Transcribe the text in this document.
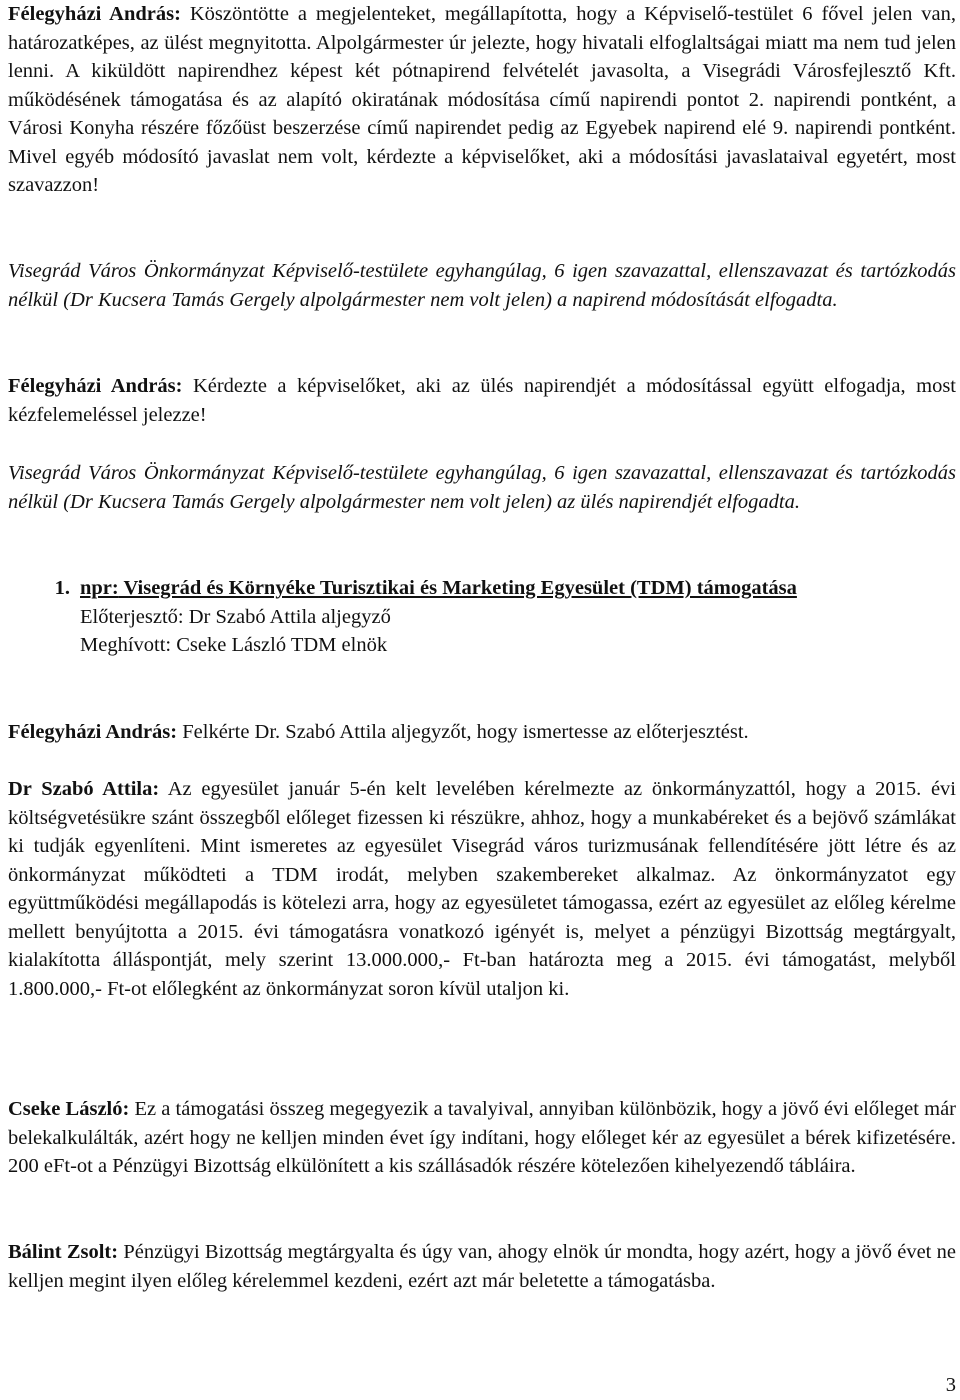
Félegyházi András: Köszöntötte a megjelenteket, megállapította, hogy a Képviselő-testület 6 fővel jelen van, határozatképes, az ülést megnyitotta. Alpolgármester úr jelezte, hogy hivatali elfoglaltságai miatt ma nem tud jelen lenni. A kiküldött napirendhez képest két pótnapirend felvételét javasolta, a Visegrádi Városfejlesztő Kft. működésének támogatása és az alapító okiratának módosítása című napirendi pontot 2. napirendi pontként, a Városi Konyha részére főzőüst beszerzése című napirendet pedig az Egyebek napirend elé 9. napirendi pontként. Mivel egyéb módosító javaslat nem volt, kérdezte a képviselőket, aki a módosítási javaslataival egyetért, most szavazzon!

Visegrád Város Önkormányzat Képviselő-testülete egyhangúlag, 6 igen szavazattal, ellenszavazat és tartózkodás nélkül (Dr Kucsera Tamás Gergely alpolgármester nem volt jelen) a napirend módosítását elfogadta.

Félegyházi András: Kérdezte a képviselőket, aki az ülés napirendjét a módosítással együtt elfogadja, most kézfelemeléssel jelezze!

Visegrád Város Önkormányzat Képviselő-testülete egyhangúlag, 6 igen szavazattal, ellenszavazat és tartózkodás nélkül (Dr Kucsera Tamás Gergely alpolgármester nem volt jelen) az ülés napirendjét elfogadta.

1. npr: Visegrád és Környéke Turisztikai és Marketing Egyesület (TDM) támogatása
Előterjesztő: Dr Szabó Attila aljegyző
Meghívott: Cseke László TDM elnök

Félegyházi András: Felkérte Dr. Szabó Attila aljegyzőt, hogy ismertesse az előterjesztést.

Dr Szabó Attila: Az egyesület január 5-én kelt levelében kérelmezte az önkormányzattól, hogy a 2015. évi költségvetésükre szánt összegből előleget fizessen ki részükre, ahhoz, hogy a munkabéreket és a bejövő számlákat ki tudják egyenlíteni. Mint ismeretes az egyesület Visegrád város turizmusának fellendítésére jött létre és az önkormányzat működteti a TDM irodát, melyben szakembereket alkalmaz. Az önkormányzatot egy együttműködési megállapodás is kötelezi arra, hogy az egyesületet támogassa, ezért az egyesület az előleg kérelme mellett benyújtotta a 2015. évi támogatásra vonatkozó igényét is, melyet a pénzügyi Bizottság megtárgyalt, kialakította álláspontját, mely szerint 13.000.000,- Ft-ban határozta meg a 2015. évi támogatást, melyből 1.800.000,- Ft-ot előlegként az önkormányzat soron kívül utaljon ki.

Cseke László: Ez a támogatási összeg megegyezik a tavalyival, annyiban különbözik, hogy a jövő évi előleget már belekalkulálták, azért hogy ne kelljen minden évet így indítani, hogy előleget kér az egyesület a bérek kifizetésére. 200 eFt-ot a Pénzügyi Bizottság elkülönített a kis szállásadók részére kötelezően kihelyezendő tábláira.

Bálint Zsolt: Pénzügyi Bizottság megtárgyalta és úgy van, ahogy elnök úr mondta, hogy azért, hogy a jövő évet ne kelljen megint ilyen előleg kérelemmel kezdeni, ezért azt már beletette a támogatásba.

3
